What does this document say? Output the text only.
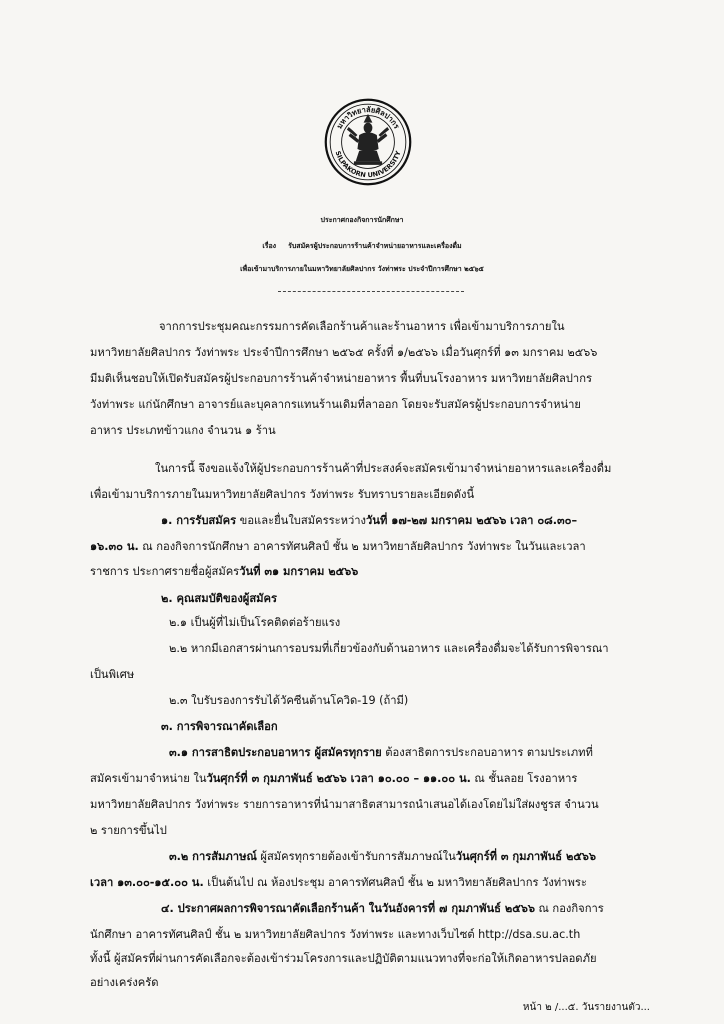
มหาวิทยาลัยศิลปากร
SILPAKORN UNIVERSITY
ประกาศกองกิจการนักศึกษา
เรื่อง รับสมัครผู้ประกอบการร้านค้าจำหน่ายอาหารและเครื่องดื่ม
เพื่อเข้ามาบริการภายในมหาวิทยาลัยศิลปากร วังท่าพระ ประจำปีการศึกษา ๒๕๖๕
จากการประชุมคณะกรรมการคัดเลือกร้านค้าและร้านอาหาร เพื่อเข้ามาบริการภายใน
มหาวิทยาลัยศิลปากร วังท่าพระ ประจำปีการศึกษา ๒๕๖๕ ครั้งที่ ๑/๒๕๖๖ เมื่อวันศุกร์ที่ ๑๓ มกราคม ๒๕๖๖
มีมติเห็นชอบให้เปิดรับสมัครผู้ประกอบการร้านค้าจำหน่ายอาหาร พื้นที่บนโรงอาหาร มหาวิทยาลัยศิลปากร
วังท่าพระ แก่นักศึกษา อาจารย์และบุคลากรแทนร้านเดิมที่ลาออก โดยจะรับสมัครผู้ประกอบการจำหน่าย
อาหาร ประเภทข้าวแกง จำนวน ๑ ร้าน
ในการนี้ จึงขอแจ้งให้ผู้ประกอบการร้านค้าที่ประสงค์จะสมัครเข้ามาจำหน่ายอาหารและเครื่องดื่ม
เพื่อเข้ามาบริการภายในมหาวิทยาลัยศิลปากร วังท่าพระ รับทราบรายละเอียดดังนี้
๑. การรับสมัคร ขอและยื่นใบสมัครระหว่างวันที่ ๑๗-๒๗ มกราคม ๒๕๖๖ เวลา ๐๘.๓๐–
๑๖.๓๐ น. ณ กองกิจการนักศึกษา อาคารทัศนศิลป์ ชั้น ๒ มหาวิทยาลัยศิลปากร วังท่าพระ ในวันและเวลา
ราชการ ประกาศรายชื่อผู้สมัครวันที่ ๓๑ มกราคม ๒๕๖๖
๒. คุณสมบัติของผู้สมัคร
๒.๑ เป็นผู้ที่ไม่เป็นโรคติดต่อร้ายแรง
๒.๒ หากมีเอกสารผ่านการอบรมที่เกี่ยวข้องกับด้านอาหาร และเครื่องดื่มจะได้รับการพิจารณา
เป็นพิเศษ
๒.๓ ใบรับรองการรับได้วัคซีนต้านโควิด-19 (ถ้ามี)
๓. การพิจารณาคัดเลือก
๓.๑ การสาธิตประกอบอาหาร ผู้สมัครทุกราย ต้องสาธิตการประกอบอาหาร ตามประเภทที่
สมัครเข้ามาจำหน่าย ในวันศุกร์ที่ ๓ กุมภาพันธ์ ๒๕๖๖ เวลา ๑๐.๐๐ – ๑๑.๐๐ น. ณ ชั้นลอย โรงอาหาร
มหาวิทยาลัยศิลปากร วังท่าพระ รายการอาหารที่นำมาสาธิตสามารถนำเสนอได้เองโดยไม่ใส่ผงชูรส จำนวน
๒ รายการขึ้นไป
๓.๒ การสัมภาษณ์ ผู้สมัครทุกรายต้องเข้ารับการสัมภาษณ์ในวันศุกร์ที่ ๓ กุมภาพันธ์ ๒๕๖๖
เวลา ๑๓.๐๐-๑๕.๐๐ น. เป็นต้นไป ณ ห้องประชุม อาคารทัศนศิลป์ ชั้น ๒ มหาวิทยาลัยศิลปากร วังท่าพระ
๔. ประกาศผลการพิจารณาคัดเลือกร้านค้า ในวันอังคารที่ ๗ กุมภาพันธ์ ๒๕๖๖ ณ กองกิจการ
นักศึกษา อาคารทัศนศิลป์ ชั้น ๒ มหาวิทยาลัยศิลปากร วังท่าพระ และทางเว็บไซต์ http://dsa.su.ac.th
ทั้งนี้ ผู้สมัครที่ผ่านการคัดเลือกจะต้องเข้าร่วมโครงการและปฏิบัติตามแนวทางที่จะก่อให้เกิดอาหารปลอดภัย
อย่างเคร่งครัด
หน้า ๒ /...๕. วันรายงานตัว...
